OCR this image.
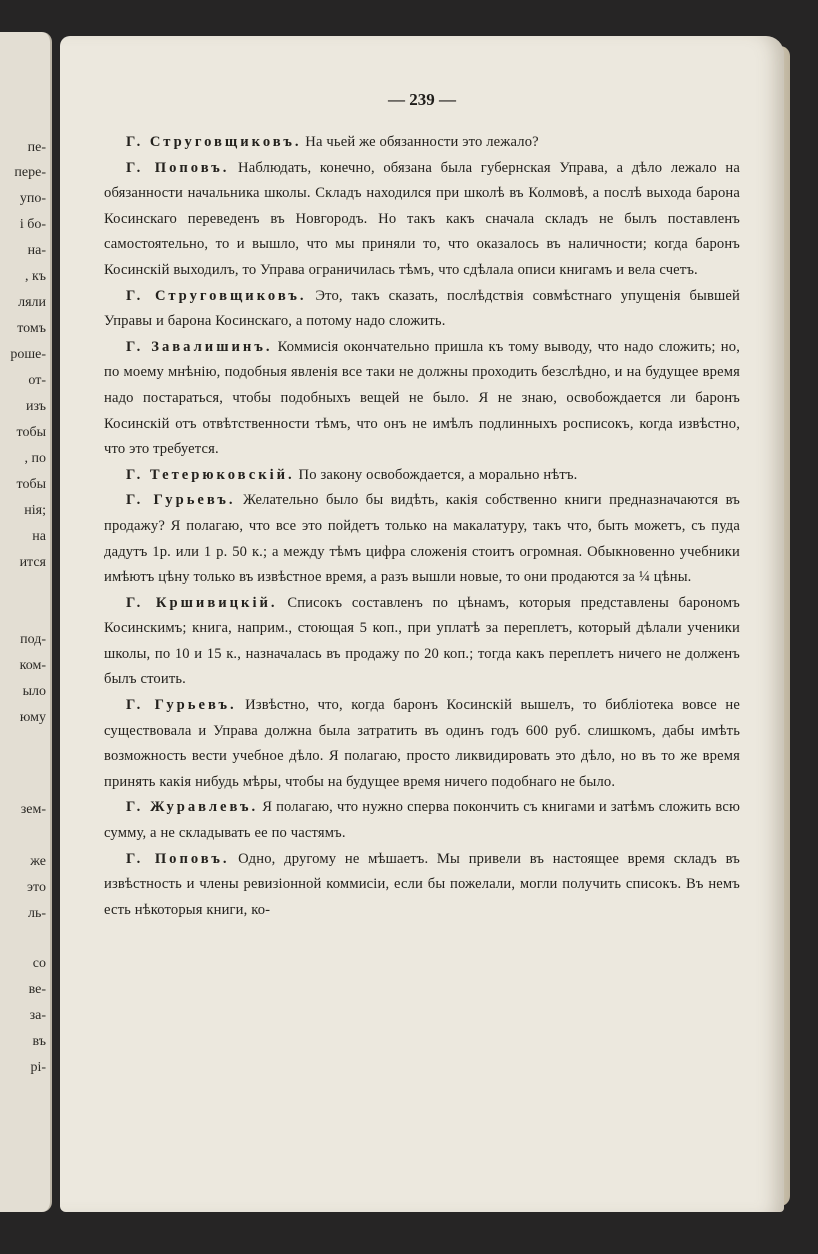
пе-
пере-
упо-
і бо-
на-
, къ
ляли
томъ
роше-
от-
изъ
тобы
, по
тобы
нія;
на
ится
под-
ком-
ыло
юму
зем-
же
это
ль-
со
ве-
за-
въ
рі-
— 239 —

Г. Струговщиковъ. На чьей же обязанности это лежало?

Г. Поповъ. Наблюдать, конечно, обязана была губернская Управа, а дѣло лежало на обязанности начальника школы. Складъ находился при школѣ въ Колмовѣ, а послѣ выхода барона Косинскаго переведенъ въ Новгородъ. Но такъ какъ сначала складъ не былъ поставленъ самостоятельно, то и вышло, что мы приняли то, что оказалось въ наличности; когда баронъ Косинскій выходилъ, то Управа ограничилась тѣмъ, что сдѣлала описи книгамъ и вела счетъ.

Г. Струговщиковъ. Это, такъ сказать, послѣдствія совмѣстнаго упущенія бывшей Управы и барона Косинскаго, а потому надо сложить.

Г. Завалишинъ. Коммисія окончательно пришла къ тому выводу, что надо сложить; но, по моему мнѣнію, подобныя явленія все таки не должны проходить безслѣдно, и на будущее время надо постараться, чтобы подобныхъ вещей не было. Я не знаю, освобождается ли баронъ Косинскій отъ отвѣтственности тѣмъ, что онъ не имѣлъ подлинныхъ росписокъ, когда извѣстно, что это требуется.

Г. Тетерюковскій. По закону освобождается, а морально нѣтъ.

Г. Гурьевъ. Желательно было бы видѣть, какія собственно книги предназначаются въ продажу? Я полагаю, что все это пойдетъ только на макалатуру, такъ что, быть можетъ, съ пуда дадутъ 1р. или 1 р. 50 к.; а между тѣмъ цифра сложенія стоитъ огромная. Обыкновенно учебники имѣютъ цѣну только въ извѣстное время, а разъ вышли новые, то они продаются за ¼ цѣны.

Г. Кршивицкій. Списокъ составленъ по цѣнамъ, которыя представлены барономъ Косинскимъ; книга, наприм., стоющая 5 коп., при уплатѣ за переплетъ, который дѣлали ученики школы, по 10 и 15 к., назначалась въ продажу по 20 коп.; тогда какъ переплетъ ничего не долженъ былъ стоить.

Г. Гурьевъ. Извѣстно, что, когда баронъ Косинскій вышелъ, то библіотека вовсе не существовала и Управа должна была затратить въ одинъ годъ 600 руб. слишкомъ, дабы имѣть возможность вести учебное дѣло. Я полагаю, просто ликвидировать это дѣло, но въ то же время принять какія нибудь мѣры, чтобы на будущее время ничего подобнаго не было.

Г. Журавлевъ. Я полагаю, что нужно сперва покончить съ книгами и затѣмъ сложить всю сумму, а не складывать ее по частямъ.

Г. Поповъ. Одно, другому не мѣшаетъ. Мы привели въ настоящее время складъ въ извѣстность и члены ревизіонной коммисіи, если бы пожелали, могли получить списокъ. Въ немъ есть нѣкоторыя книги, ко-
